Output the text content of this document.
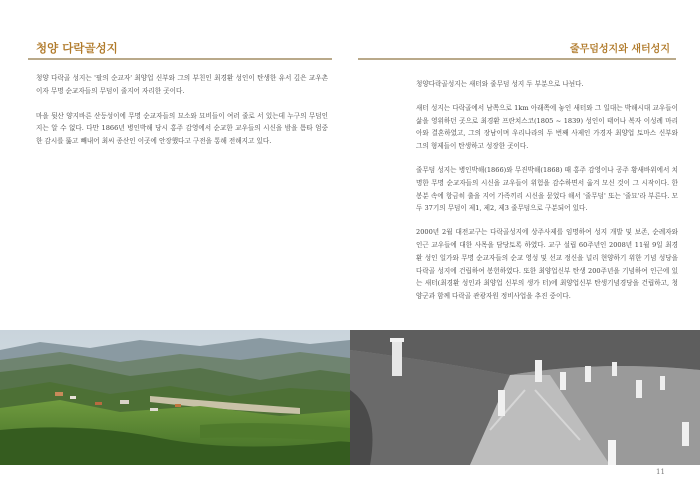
청양 다락골성지	줄무덤성지와 새터성지

청양 다락골 성지는 '팔의 순교자' 최양업 신부와 그의 부친인 최경환 성인이 탄생한 유서 깊은 교우촌이자 무명 순교자들의 무덤이 줄지어 자리한 곳이다.

마을 뒷산 양지바른 산등성이에 무명 순교자들의 묘소와 묘비들이 여러 줄로 서 있는데 누구의 무덤인지는 알 수 없다. 다만 1866년 병인박해 당시 홍주 감영에서 순교한 교우들의 시신을 밤을 틈타 엄중한 감시를 뚫고 빼내어 최씨 종산인 이곳에 안장했다고 구전을 통해 전해지고 있다.

청양다락골성지는 새터와 줄무덤 성지 두 부분으로 나뉜다.

새터 성지는 다락골에서 남쪽으로 1km 아래쪽에 놓인 새터와 그 일대는 박해시대 교우들이 삶을 영위하던 곳으로 최경환 프란치스코(1805 ~ 1839) 성인이 태어나 복자 이성례 마리아와 결혼하였고, 그의 장남이며 우리나라의 두 번째 사제인 가경자 최양업 토마스 신부와 그의 형제들이 탄생하고 성장한 곳이다.

줄무덤 성지는 병인박해(1866)와 무진박해(1868) 때 홍주 감영이나 공주 황새바위에서 치명한 무명 순교자들의 시신을 교우들이 위험을 감수하면서 옮겨 모신 것이 그 시작이다. 한 봉분 속에 항금히 출을 지어 가족끼리 시신을 묻었다 해서 '줄무덤' 또는 '줄묘'라 부른다. 모두 37기의 무덤이 제1, 제2, 제3 줄무덤으로 구분되어 있다.

2000년 2월 대전교구는 다락골성지에 상주사제를 임명하여 성지 개발 및 보존, 순례자와 인근 교우들에 대한 사목을 담당토록 하였다. 교구 설립 60주년인 2008년 11월 9일 최경환 성인 일가와 무명 순교자들의 순교 영성 및 선교 정신을 널리 현양하기 위한 기념 성당을 다락골 성지에 건립하여 봉헌하였다. 또한 최양업신부 탄생 200주년을 기념하여 인근에 있는 새터(최경환 성인과 최양업 신부의 생가 터)에 최양업신부 탄생기념경당을 건립하고, 청양군과 함께 다락골 관광자원 정비사업을 추진 중이다.

11
